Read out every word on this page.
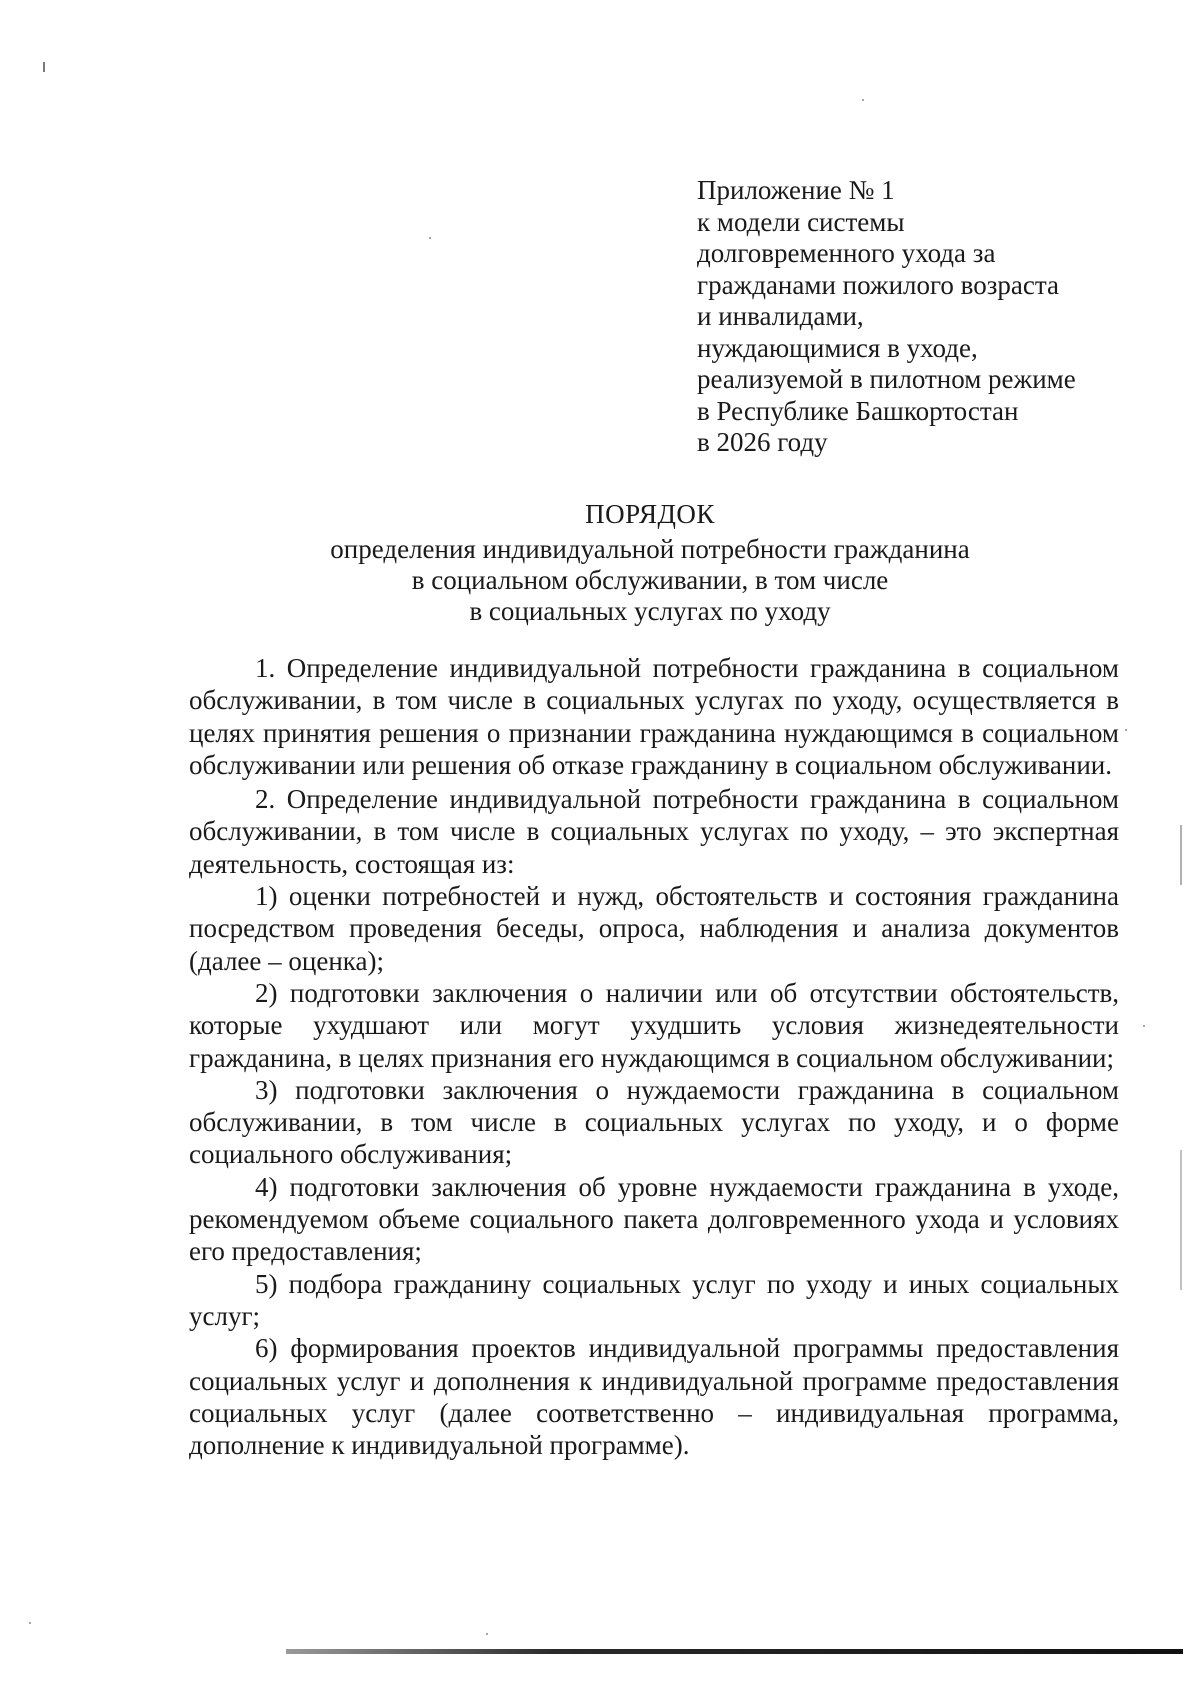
Приложение № 1
к модели системы
долговременного ухода за
гражданами пожилого возраста
и инвалидами,
нуждающимися в уходе,
реализуемой в пилотном режиме
в Республике Башкортостан
в 2026 году
ПОРЯДОК
определения индивидуальной потребности гражданина
в социальном обслуживании, в том числе
в социальных услугах по уходу

1. Определение индивидуальной потребности гражданина в социальном обслуживании, в том числе в социальных услугах по уходу, осуществляется в целях принятия решения о признании гражданина нуждающимся в социальном обслуживании или решения об отказе гражданину в социальном обслуживании.

2. Определение индивидуальной потребности гражданина в социальном обслуживании, в том числе в социальных услугах по уходу, – это экспертная деятельность, состоящая из:

1) оценки потребностей и нужд, обстоятельств и состояния гражданина посредством проведения беседы, опроса, наблюдения и анализа документов (далее – оценка);

2) подготовки заключения о наличии или об отсутствии обстоятельств, которые ухудшают или могут ухудшить условия жизнедеятельности гражданина, в целях признания его нуждающимся в социальном обслуживании;

3) подготовки заключения о нуждаемости гражданина в социальном обслуживании, в том числе в социальных услугах по уходу, и о форме социального обслуживания;

4) подготовки заключения об уровне нуждаемости гражданина в уходе, рекомендуемом объеме социального пакета долговременного ухода и условиях его предоставления;

5) подбора гражданину социальных услуг по уходу и иных социальных услуг;

6) формирования проектов индивидуальной программы предоставления социальных услуг и дополнения к индивидуальной программе предоставления социальных услуг (далее соответственно – индивидуальная программа, дополнение к индивидуальной программе).
